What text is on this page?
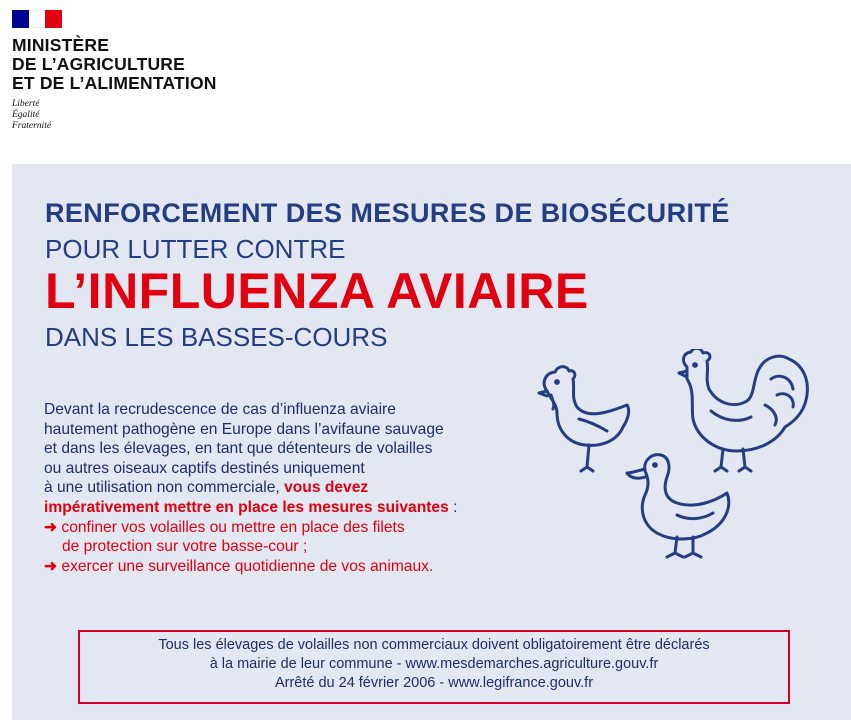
MINISTÈRE
DE L’AGRICULTURE
ET DE L’ALIMENTATION
Liberté
Égalité
Fraternité
RENFORCEMENT DES MESURES DE BIOSÉCURITÉ
POUR LUTTER CONTRE
L’INFLUENZA AVIAIRE
DANS LES BASSES-COURS
Devant la recrudescence de cas d’influenza aviaire
hautement pathogène en Europe dans l’avifaune sauvage
et dans les élevages, en tant que détenteurs de volailles
ou autres oiseaux captifs destinés uniquement
à une utilisation non commerciale, vous devez
impérativement mettre en place les mesures suivantes :
➜ confiner vos volailles ou mettre en place des filets
de protection sur votre basse-cour ;
➜ exercer une surveillance quotidienne de vos animaux.
Tous les élevages de volailles non commerciaux doivent obligatoirement être déclarés
à la mairie de leur commune - www.mesdemarches.agriculture.gouv.fr
Arrêté du 24 février 2006 - www.legifrance.gouv.fr
